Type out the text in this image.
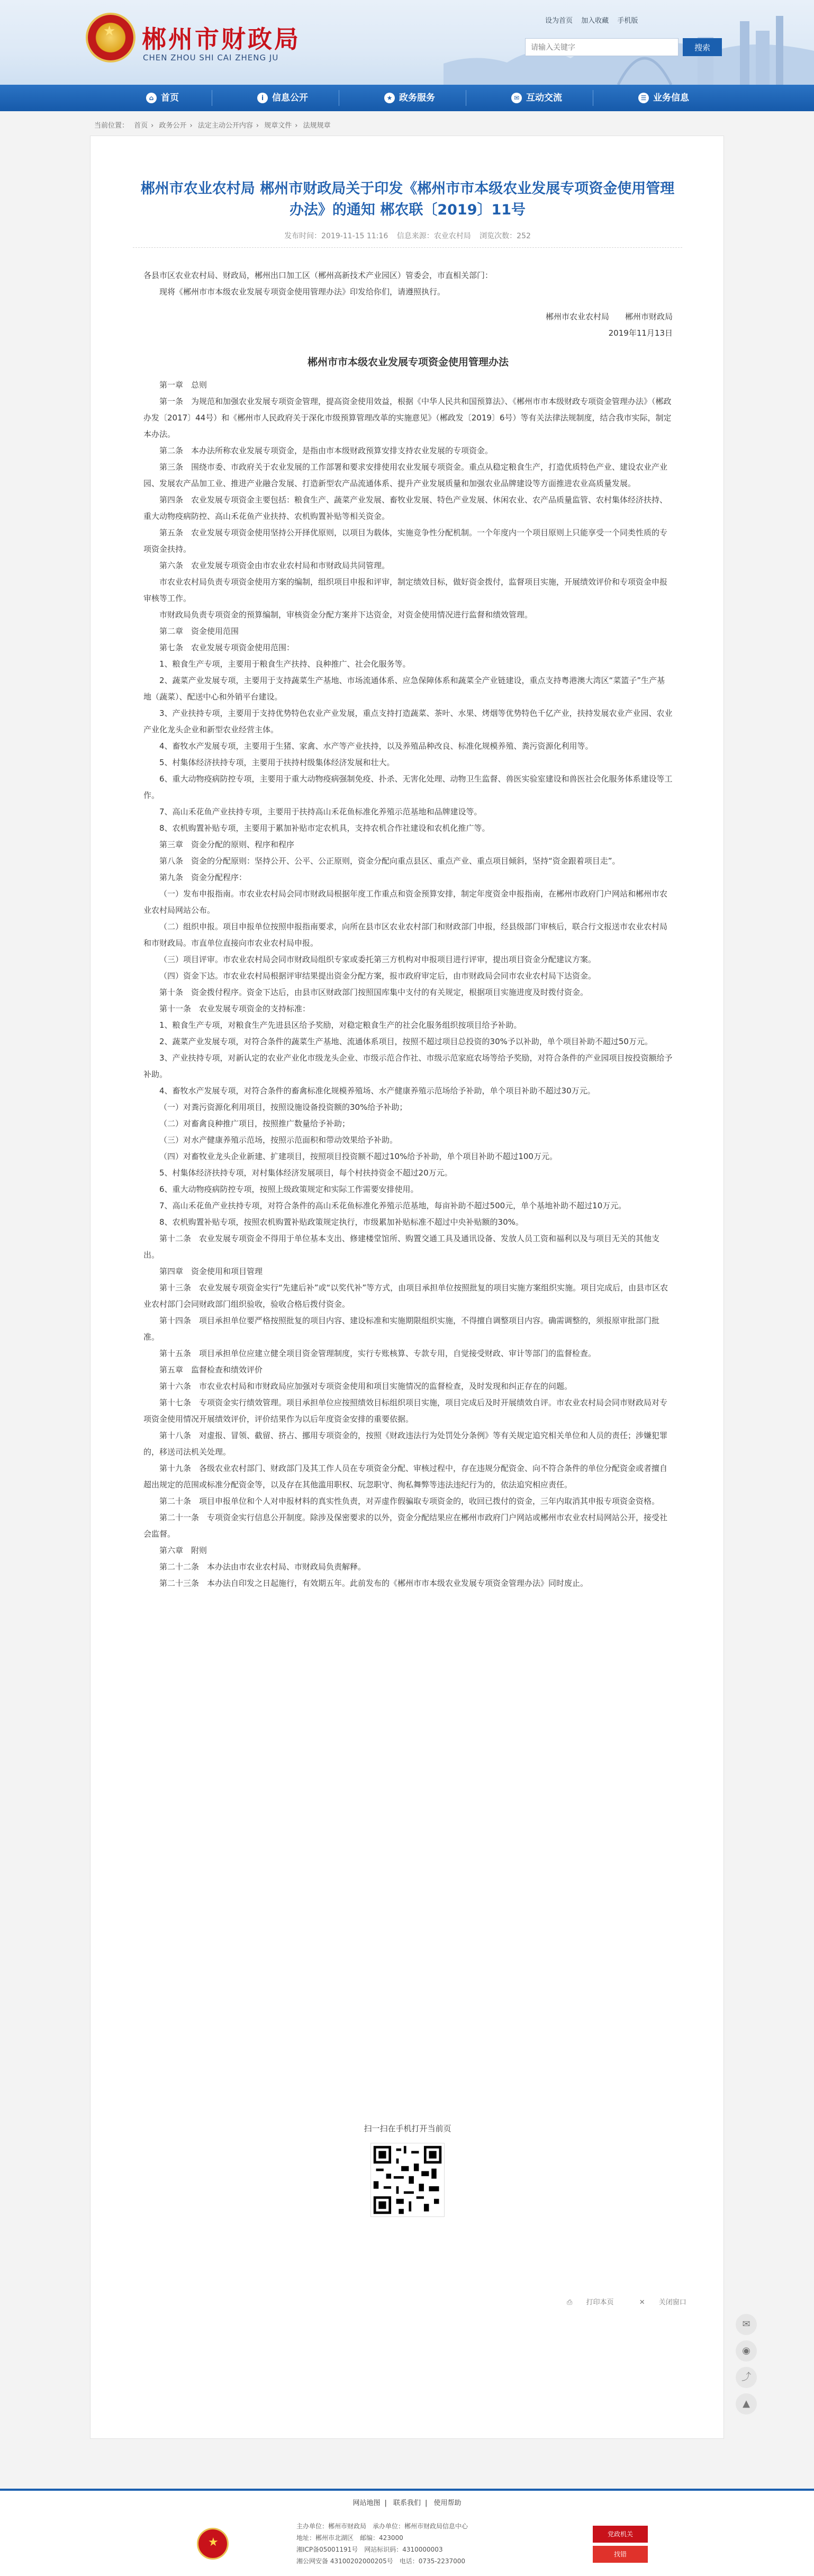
★ 郴州市财政局
CHEN ZHOU SHI CAI ZHENG JU
设为首页 加入收藏 手机版
请输入关键字
搜索
⌂ 首页	i 信息公开	★ 政务服务	✉ 互动交流	☰ 业务信息
当前位置： 首页 › 政务公开 › 法定主动公开内容 › 规章文件 › 法规规章
郴州市农业农村局 郴州市财政局关于印发《郴州市市本级农业发展专项资金使用管理办法》的通知 郴农联〔2019〕11号
发布时间：2019-11-15 11:16 信息来源：农业农村局 浏览次数：252

各县市区农业农村局、财政局，郴州出口加工区（郴州高新技术产业园区）管委会，市直相关部门：

现将《郴州市市本级农业发展专项资金使用管理办法》印发给你们，请遵照执行。

郴州市农业农村局　　郴州市财政局

2019年11月13日

郴州市市本级农业发展专项资金使用管理办法

第一章　总则

第一条　为规范和加强农业发展专项资金管理，提高资金使用效益，根据《中华人民共和国预算法》、《郴州市市本级财政专项资金管理办法》（郴政办发〔2017〕44号）和《郴州市人民政府关于深化市级预算管理改革的实施意见》（郴政发〔2019〕6号）等有关法律法规制度，结合我市实际，制定本办法。

第二条　本办法所称农业发展专项资金，是指由市本级财政预算安排支持农业发展的专项资金。

第三条　围绕市委、市政府关于农业发展的工作部署和要求安排使用农业发展专项资金。重点从稳定粮食生产，打造优质特色产业、建设农业产业园、发展农产品加工业、推进产业融合发展、打造新型农产品流通体系、提升产业发展质量和加强农业品牌建设等方面推进农业高质量发展。

第四条　农业发展专项资金主要包括：粮食生产、蔬菜产业发展、畜牧业发展、特色产业发展、休闲农业、农产品质量监管、农村集体经济扶持、重大动物疫病防控、高山禾花鱼产业扶持、农机购置补贴等相关资金。

第五条　农业发展专项资金使用坚持公开择优原则，以项目为载体，实施竞争性分配机制。一个年度内一个项目原则上只能享受一个同类性质的专项资金扶持。

第六条　农业发展专项资金由市农业农村局和市财政局共同管理。

市农业农村局负责专项资金使用方案的编制，组织项目申报和评审，制定绩效目标，做好资金拨付，监督项目实施，开展绩效评价和专项资金申报审核等工作。

市财政局负责专项资金的预算编制，审核资金分配方案并下达资金，对资金使用情况进行监督和绩效管理。

第二章　资金使用范围

第七条　农业发展专项资金使用范围：

1、粮食生产专项，主要用于粮食生产扶持、良种推广、社会化服务等。

2、蔬菜产业发展专项，主要用于支持蔬菜生产基地、市场流通体系、应急保障体系和蔬菜全产业链建设，重点支持粤港澳大湾区“菜篮子”生产基地（蔬菜）、配送中心和外销平台建设。

3、产业扶持专项，主要用于支持优势特色农业产业发展，重点支持打造蔬菜、茶叶、水果、烤烟等优势特色千亿产业，扶持发展农业产业园、农业产业化龙头企业和新型农业经营主体。

4、畜牧水产发展专项，主要用于生猪、家禽、水产等产业扶持，以及养殖品种改良、标准化规模养殖、粪污资源化利用等。

5、村集体经济扶持专项，主要用于扶持村级集体经济发展和壮大。

6、重大动物疫病防控专项，主要用于重大动物疫病强制免疫、扑杀、无害化处理、动物卫生监督、兽医实验室建设和兽医社会化服务体系建设等工作。

7、高山禾花鱼产业扶持专项，主要用于扶持高山禾花鱼标准化养殖示范基地和品牌建设等。

8、农机购置补贴专项，主要用于累加补贴市定农机具，支持农机合作社建设和农机化推广等。

第三章　资金分配的原则、程序和程序

第八条　资金的分配原则：坚持公开、公平、公正原则，资金分配向重点县区、重点产业、重点项目倾斜，坚持“资金跟着项目走”。

第九条　资金分配程序：

（一）发布申报指南。市农业农村局会同市财政局根据年度工作重点和资金预算安排，制定年度资金申报指南，在郴州市政府门户网站和郴州市农业农村局网站公布。

（二）组织申报。项目申报单位按照申报指南要求，向所在县市区农业农村部门和财政部门申报，经县级部门审核后，联合行文报送市农业农村局和市财政局。市直单位直接向市农业农村局申报。

（三）项目评审。市农业农村局会同市财政局组织专家或委托第三方机构对申报项目进行评审，提出项目资金分配建议方案。

（四）资金下达。市农业农村局根据评审结果提出资金分配方案，报市政府审定后，由市财政局会同市农业农村局下达资金。

第十条　资金拨付程序。资金下达后，由县市区财政部门按照国库集中支付的有关规定，根据项目实施进度及时拨付资金。

第十一条　农业发展专项资金的支持标准：

1、粮食生产专项，对粮食生产先进县区给予奖励，对稳定粮食生产的社会化服务组织按项目给予补助。

2、蔬菜产业发展专项，对符合条件的蔬菜生产基地、流通体系项目，按照不超过项目总投资的30%予以补助，单个项目补助不超过50万元。

3、产业扶持专项，对新认定的农业产业化市级龙头企业、市级示范合作社、市级示范家庭农场等给予奖励，对符合条件的产业园项目按投资额给予补助。

4、畜牧水产发展专项，对符合条件的畜禽标准化规模养殖场、水产健康养殖示范场给予补助，单个项目补助不超过30万元。

（一）对粪污资源化利用项目，按照设施设备投资额的30%给予补助；

（二）对畜禽良种推广项目，按照推广数量给予补助；

（三）对水产健康养殖示范场，按照示范面积和带动效果给予补助。

（四）对畜牧业龙头企业新建、扩建项目，按照项目投资额不超过10%给予补助，单个项目补助不超过100万元。

5、村集体经济扶持专项，对村集体经济发展项目，每个村扶持资金不超过20万元。

6、重大动物疫病防控专项，按照上级政策规定和实际工作需要安排使用。

7、高山禾花鱼产业扶持专项，对符合条件的高山禾花鱼标准化养殖示范基地，每亩补助不超过500元，单个基地补助不超过10万元。

8、农机购置补贴专项，按照农机购置补贴政策规定执行，市级累加补贴标准不超过中央补贴额的30%。

第十二条　农业发展专项资金不得用于单位基本支出、修建楼堂馆所、购置交通工具及通讯设备、发放人员工资和福利以及与项目无关的其他支出。

第四章　资金使用和项目管理

第十三条　农业发展专项资金实行“先建后补”或“以奖代补”等方式，由项目承担单位按照批复的项目实施方案组织实施。项目完成后，由县市区农业农村部门会同财政部门组织验收，验收合格后拨付资金。

第十四条　项目承担单位要严格按照批复的项目内容、建设标准和实施期限组织实施，不得擅自调整项目内容。确需调整的，须报原审批部门批准。

第十五条　项目承担单位应建立健全项目资金管理制度，实行专账核算、专款专用，自觉接受财政、审计等部门的监督检查。

第五章　监督检查和绩效评价

第十六条　市农业农村局和市财政局应加强对专项资金使用和项目实施情况的监督检查，及时发现和纠正存在的问题。

第十七条　专项资金实行绩效管理。项目承担单位应按照绩效目标组织项目实施，项目完成后及时开展绩效自评。市农业农村局会同市财政局对专项资金使用情况开展绩效评价，评价结果作为以后年度资金安排的重要依据。

第十八条　对虚报、冒领、截留、挤占、挪用专项资金的，按照《财政违法行为处罚处分条例》等有关规定追究相关单位和人员的责任；涉嫌犯罪的，移送司法机关处理。

第十九条　各级农业农村部门、财政部门及其工作人员在专项资金分配、审核过程中，存在违规分配资金、向不符合条件的单位分配资金或者擅自超出规定的范围或标准分配资金等，以及存在其他滥用职权、玩忽职守、徇私舞弊等违法违纪行为的，依法追究相应责任。

第二十条　项目申报单位和个人对申报材料的真实性负责，对弄虚作假骗取专项资金的，收回已拨付的资金，三年内取消其申报专项资金资格。

第二十一条　专项资金实行信息公开制度。除涉及保密要求的以外，资金分配结果应在郴州市政府门户网站或郴州市农业农村局网站公开，接受社会监督。

第六章　附则

第二十二条　本办法由市农业农村局、市财政局负责解释。

第二十三条　本办法自印发之日起施行，有效期五年。此前发布的《郴州市市本级农业发展专项资金管理办法》同时废止。

扫一扫在手机打开当前页
⎙ 打印本页	✕ 关闭窗口
✉
◉
⤴
▲
网站地图 | 联系我们 | 使用帮助
★
主办单位：郴州市财政局　承办单位：郴州市财政局信息中心
地址：郴州市北湖区　邮编：423000
湘ICP备05001191号　网站标识码：4310000003
湘公网安备 43100202000205号　电话：0735-2237000
党政机关
找错
